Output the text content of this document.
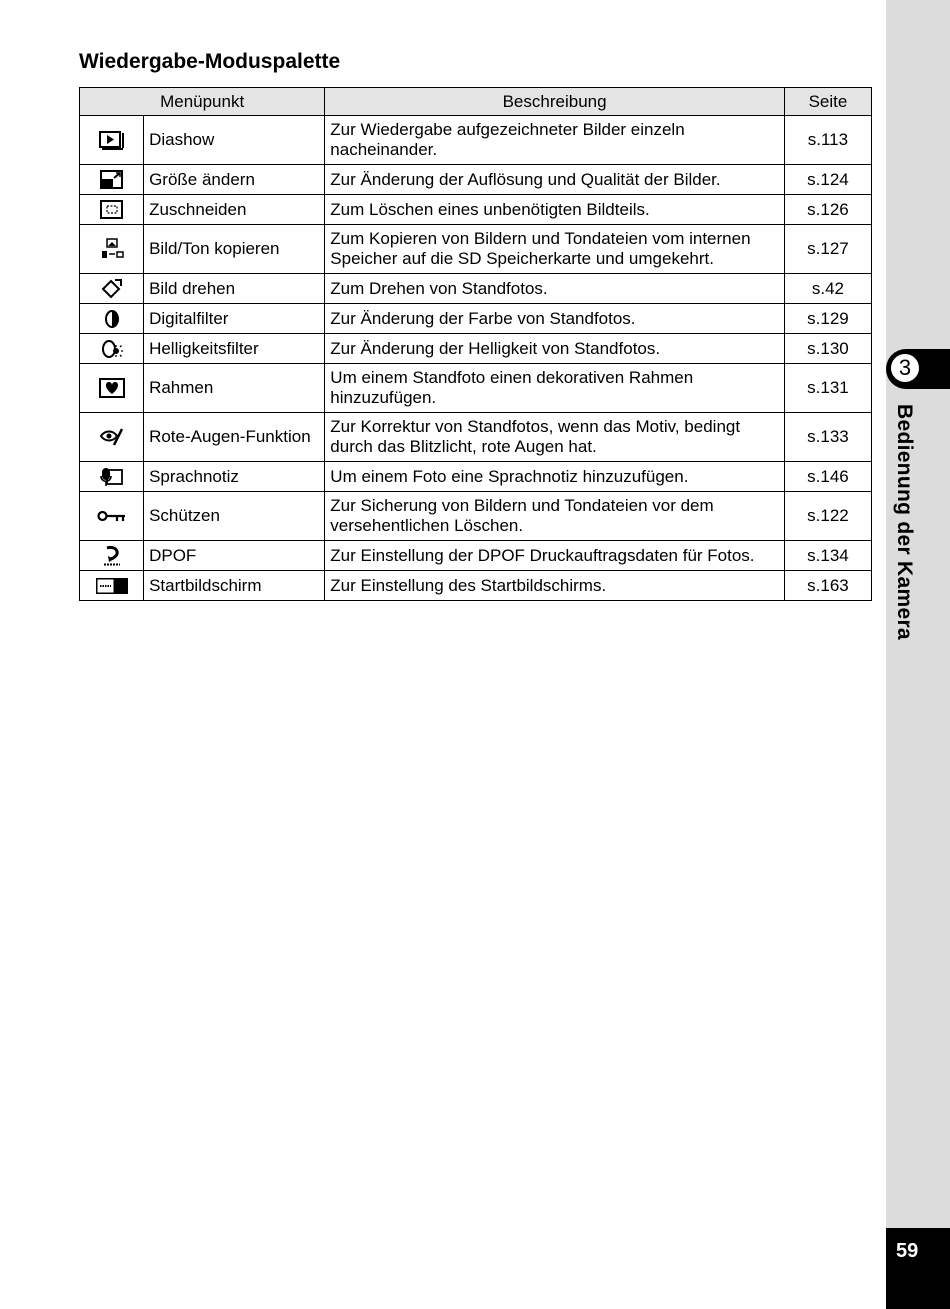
Wiedergabe-Moduspalette
Menüpunkt		Beschreibung	Seite

	Diashow	Zur Wiedergabe aufgezeichneter Bilder einzeln nacheinander.	s.113

	Größe ändern	Zur Änderung der Auflösung und Qualität der Bilder.	s.124

	Zuschneiden	Zum Löschen eines unbenötigten Bildteils.	s.126

	Bild/Ton kopieren	Zum Kopieren von Bildern und Tondateien vom internen Speicher auf die SD Speicherkarte und umgekehrt.	s.127

	Bild drehen	Zum Drehen von Standfotos.	s.42

	Digitalfilter	Zur Änderung der Farbe von Standfotos.	s.129

	Helligkeitsfilter	Zur Änderung der Helligkeit von Standfotos.	s.130

	Rahmen	Um einem Standfoto einen dekorativen Rahmen hinzuzufügen.	s.131

	Rote-Augen-Funktion	Zur Korrektur von Standfotos, wenn das Motiv, bedingt durch das Blitzlicht, rote Augen hat.	s.133

	Sprachnotiz	Um einem Foto eine Sprachnotiz hinzuzufügen.	s.146

	Schützen	Zur Sicherung von Bildern und Tondateien vor dem versehentlichen Löschen.	s.122

	DPOF	Zur Einstellung der DPOF Druckauftragsdaten für Fotos.	s.134

	Startbildschirm	Zur Einstellung des Startbildschirms.	s.163
3
Bedienung der Kamera
59
